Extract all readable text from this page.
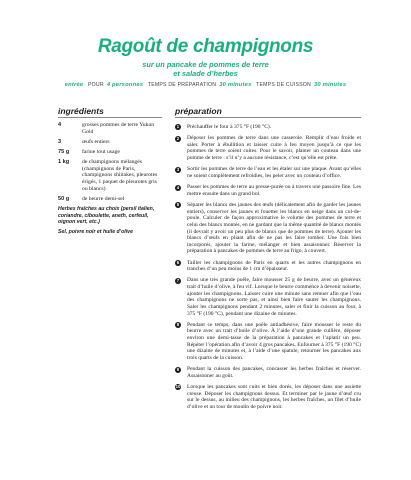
Ragoût de champignons
sur un pancake de pommes de terre
et salade d’herbes
entrée POUR 4 personnes TEMPS DE PRÉPARATION 30 minutes TEMPS DE CUISSON 30 minutes
ingrédients	préparation
4	grosses pommes de terre Yukon Gold
3	œufs entiers
75 g	farine tout usage
1 kg	de champignons mélangés (champignons de Paris, champignons shiitakes, pleurotes érigés, 1 paquet de pleurotes gris ou blancs)
50 g	de beurre demi-sel
Herbes fraîches au choix (persil italien, coriandre, ciboulette, aneth, cerfeuil, oignon vert, etc.)
Sel, poivre noir et huile d’olive
1	Préchauffer le four à 375 °F (190 °C).
2	Déposer les pommes de terre dans une casserole. Remplir d’eau froide et saler. Porter à ébullition et laisser cuire à feu moyen jusqu’à ce que les pommes de terre soient cuites. Pour le savoir, planter un couteau dans une pomme de terre : s’il n’y a aucune résistance, c’est qu’elle est prête.
3	Sortir les pommes de terre de l’eau et les étaler sur une plaque. Avant qu’elles ne soient complètement refroidies, les peler avec un couteau d’office.
4	Passer les pommes de terre au presse-purée ou à travers une passoire fine. Les mettre ensuite dans un grand bol.
5	Séparer les blancs des jaunes des œufs (délicatement afin de garder les jaunes entiers), conserver les jaunes et fouetter les blancs en neige dans un cul-de-poule. Calculer de façon approximative le volume des pommes de terre et celui des blancs montés, en ne gardant que la même quantité de blancs montés (il devrait y avoir un peu plus de blancs que de pommes de terre). Ajouter les blancs d’œufs en pliant afin de ne pas les faire tomber. Une fois bien incorporés, ajouter la farine, mélanger et bien assaisonner. Réserver la préparation à pancakes de pommes de terre au frigo, à couvert.
6	Tailler les champignons de Paris en quarts et les autres champignons en tranches d’un peu moins de 1 cm d’épaisseur.
7	Dans une très grande poêle, faire mousser 25 g de beurre, avec un généreux trait d’huile d’olive, à feu vif. Lorsque le beurre commence à devenir noisette, ajouter les champignons. Laisser cuire une minute sans remuer afin que l’eau des champignons ne sorte pas, et ainsi bien faire sauter les champignons. Saler les champignons pendant 2 minutes, saler et finir la cuisson au four, à 375 °F (190 °C), pendant une dizaine de minutes.
8	Pendant ce temps, dans une poêle antiadhésive, faire mousser le reste du beurre avec un trait d’huile d’olive. À l’aide d’une grande cuillère, déposer environ une demi-tasse de la préparation à pancakes et l’aplatir un peu. Répéter l’opération afin d’avoir 4 gros pancakes. Enfourner à 375 °F (190 °C) une dizaine de minutes et, à l’aide d’une spatule, retourner les pancakes aux trois quarts de la cuisson.
9	Pendant la cuisson des pancakes, concasser les herbes fraîches et réserver. Assaisonner au goût.
10 Lorsque les pancakes sont cuits et bien dorés, les déposer dans une assiette creuse. Déposer les champignons dessus. Et terminer par le jaune d’œuf cru sur le dessus, au milieu des champignons, les herbes fraîches, un filet d’huile d’olive et un tour de moulin de poivre noir.
